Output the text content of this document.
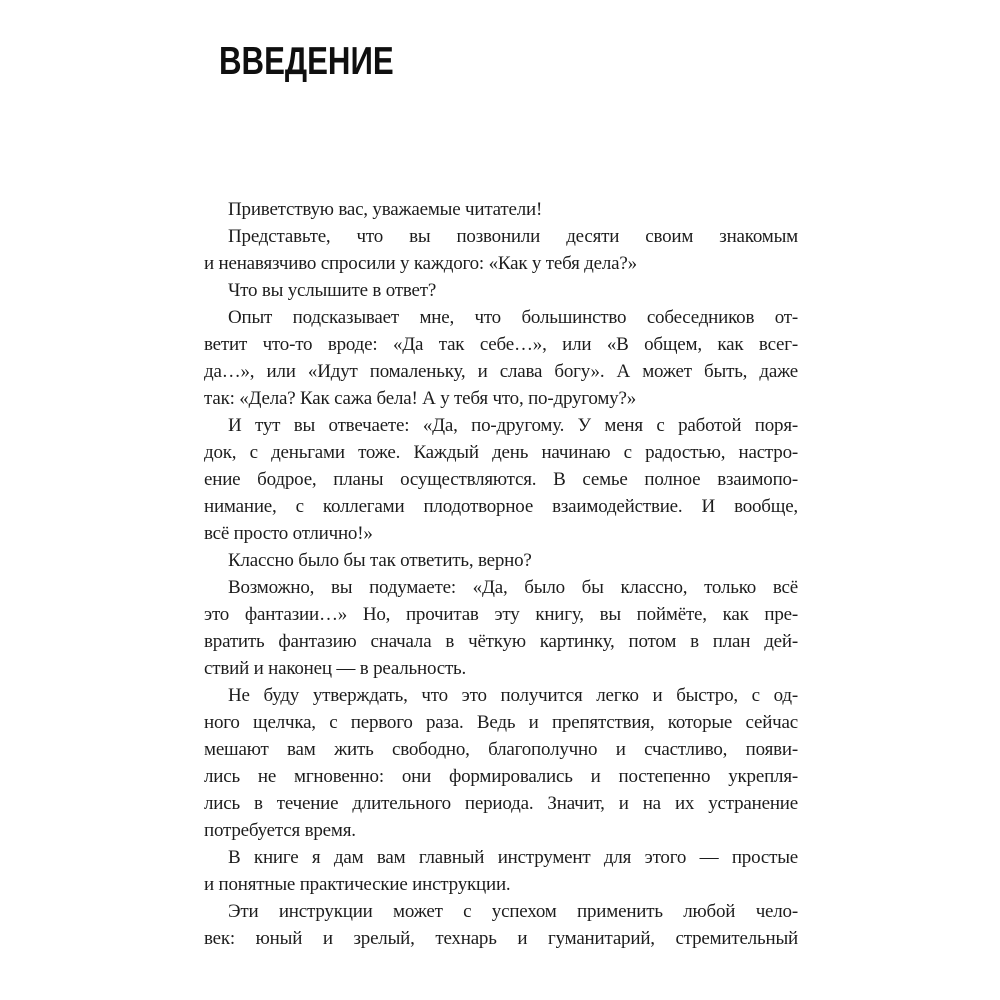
ВВЕДЕНИЕ
Приветствую вас, уважаемые читатели!
Представьте, что вы позвонили десяти своим знакомым
и ненавязчиво спросили у каждого: «Как у тебя дела?»
Что вы услышите в ответ?
Опыт подсказывает мне, что большинство собеседников от-
ветит что-то вроде: «Да так себе…», или «В общем, как всег-
да…», или «Идут помаленьку, и слава богу». А может быть, даже
так: «Дела? Как сажа бела! А у тебя что, по-другому?»
И тут вы отвечаете: «Да, по-другому. У меня с работой поря-
док, с деньгами тоже. Каждый день начинаю с радостью, настро-
ение бодрое, планы осуществляются. В семье полное взаимопо-
нимание, с коллегами плодотворное взаимодействие. И вообще,
всё просто отлично!»
Классно было бы так ответить, верно?
Возможно, вы подумаете: «Да, было бы классно, только всё
это фантазии…» Но, прочитав эту книгу, вы поймёте, как пре-
вратить фантазию сначала в чёткую картинку, потом в план дей-
ствий и наконец — в реальность.
Не буду утверждать, что это получится легко и быстро, с од-
ного щелчка, с первого раза. Ведь и препятствия, которые сейчас
мешают вам жить свободно, благополучно и счастливо, появи-
лись не мгновенно: они формировались и постепенно укрепля-
лись в течение длительного периода. Значит, и на их устранение
потребуется время.
В книге я дам вам главный инструмент для этого — простые
и понятные практические инструкции.
Эти инструкции может с успехом применить любой чело-
век: юный и зрелый, технарь и гуманитарий, стремительный
